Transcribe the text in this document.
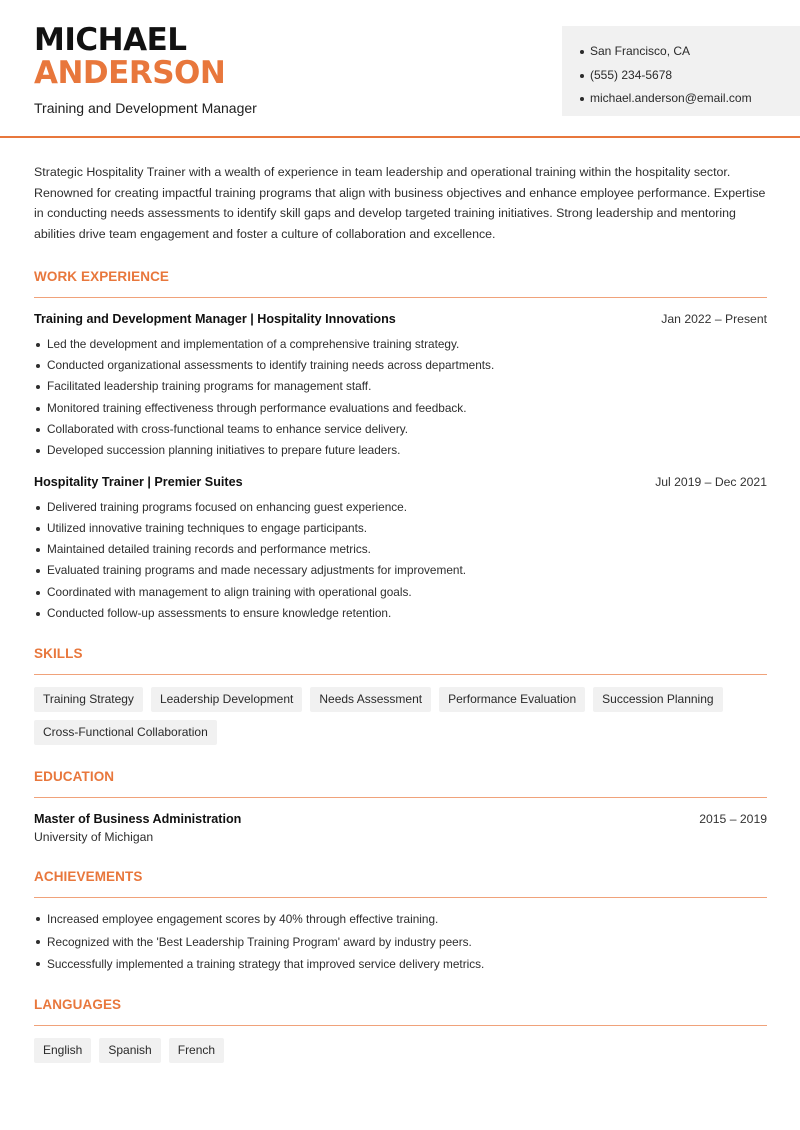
MICHAEL
ANDERSON
Training and Development Manager
San Francisco, CA
(555) 234-5678
michael.anderson@email.com

Strategic Hospitality Trainer with a wealth of experience in team leadership and operational training within the hospitality sector. Renowned for creating impactful training programs that align with business objectives and enhance employee performance. Expertise in conducting needs assessments to identify skill gaps and develop targeted training initiatives. Strong leadership and mentoring abilities drive team engagement and foster a culture of collaboration and excellence.

WORK EXPERIENCE
Training and Development Manager | Hospitality Innovations	Jan 2022 – Present
Led the development and implementation of a comprehensive training strategy.
Conducted organizational assessments to identify training needs across departments.
Facilitated leadership training programs for management staff.
Monitored training effectiveness through performance evaluations and feedback.
Collaborated with cross-functional teams to enhance service delivery.
Developed succession planning initiatives to prepare future leaders.
Hospitality Trainer | Premier Suites	Jul 2019 – Dec 2021
Delivered training programs focused on enhancing guest experience.
Utilized innovative training techniques to engage participants.
Maintained detailed training records and performance metrics.
Evaluated training programs and made necessary adjustments for improvement.
Coordinated with management to align training with operational goals.
Conducted follow-up assessments to ensure knowledge retention.
SKILLS
Training Strategy	Leadership Development	Needs Assessment	Performance Evaluation	Succession Planning
Cross-Functional Collaboration
EDUCATION
Master of Business Administration	2015 – 2019
University of Michigan
ACHIEVEMENTS
Increased employee engagement scores by 40% through effective training.
Recognized with the 'Best Leadership Training Program' award by industry peers.
Successfully implemented a training strategy that improved service delivery metrics.
LANGUAGES
English	Spanish	French
